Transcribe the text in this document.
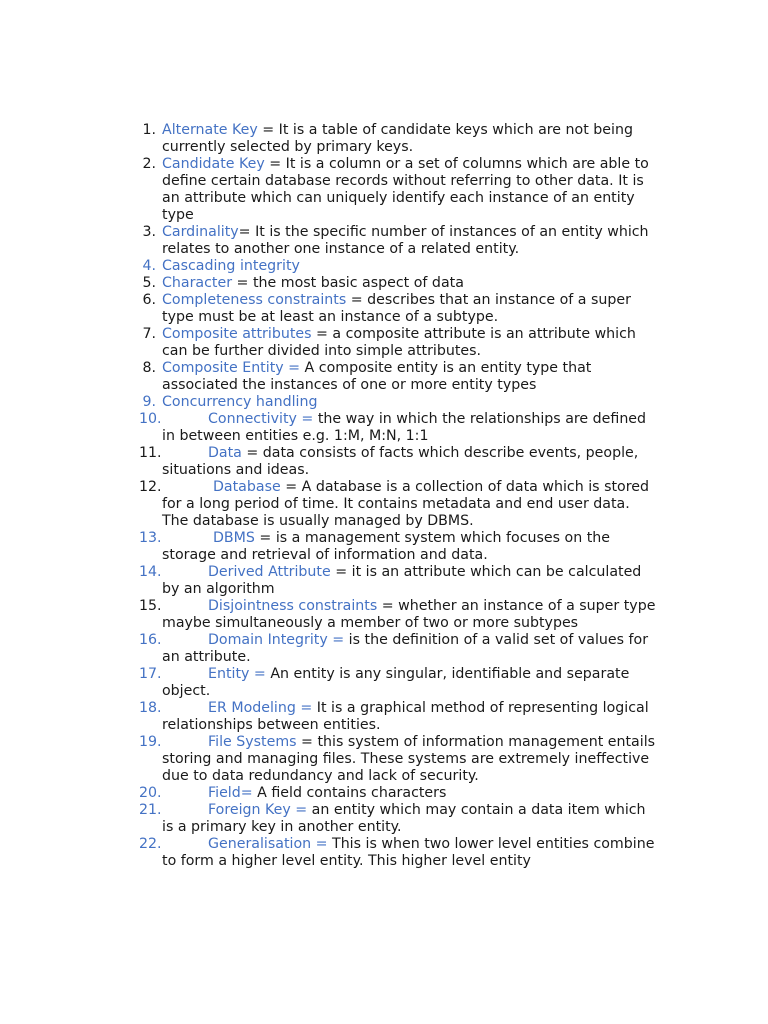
1. Alternate Key = It is a table of candidate keys which are not being currently selected by primary keys.
2. Candidate Key = It is a column or a set of columns which are able to define certain database records without referring to other data. It is an attribute which can uniquely identify each instance of an entity type
3. Cardinality= It is the specific number of instances of an entity which relates to another one instance of a related entity.
4. Cascading integrity
5. Character = the most basic aspect of data
6. Completeness constraints = describes that an instance of a super type must be at least an instance of a subtype.
7. Composite attributes = a composite attribute is an attribute which can be further divided into simple attributes.
8. Composite Entity = A composite entity is an entity type that associated the instances of one or more entity types
9. Concurrency handling
10.	Connectivity = the way in which the relationships are defined in between entities e.g. 1:M, M:N, 1:1
11.	Data = data consists of facts which describe events, people, situations and ideas.
12.	Database = A database is a collection of data which is stored for a long period of time. It contains metadata and end user data. The database is usually managed by DBMS.
13.	DBMS = is a management system which focuses on the storage and retrieval of information and data.
14.	Derived Attribute = it is an attribute which can be calculated by an algorithm
15.	Disjointness constraints = whether an instance of a super type maybe simultaneously a member of two or more subtypes
16.	Domain Integrity = is the definition of a valid set of values for an attribute.
17.	Entity = An entity is any singular, identifiable and separate object.
18.	ER Modeling = It is a graphical method of representing logical relationships between entities.
19.	File Systems = this system of information management entails storing and managing files. These systems are extremely ineffective due to data redundancy and lack of security.
20.	Field= A field contains characters
21.	Foreign Key = an entity which may contain a data item which is a primary key in another entity.
22.	Generalisation = This is when two lower level entities combine to form a higher level entity. This higher level entity
